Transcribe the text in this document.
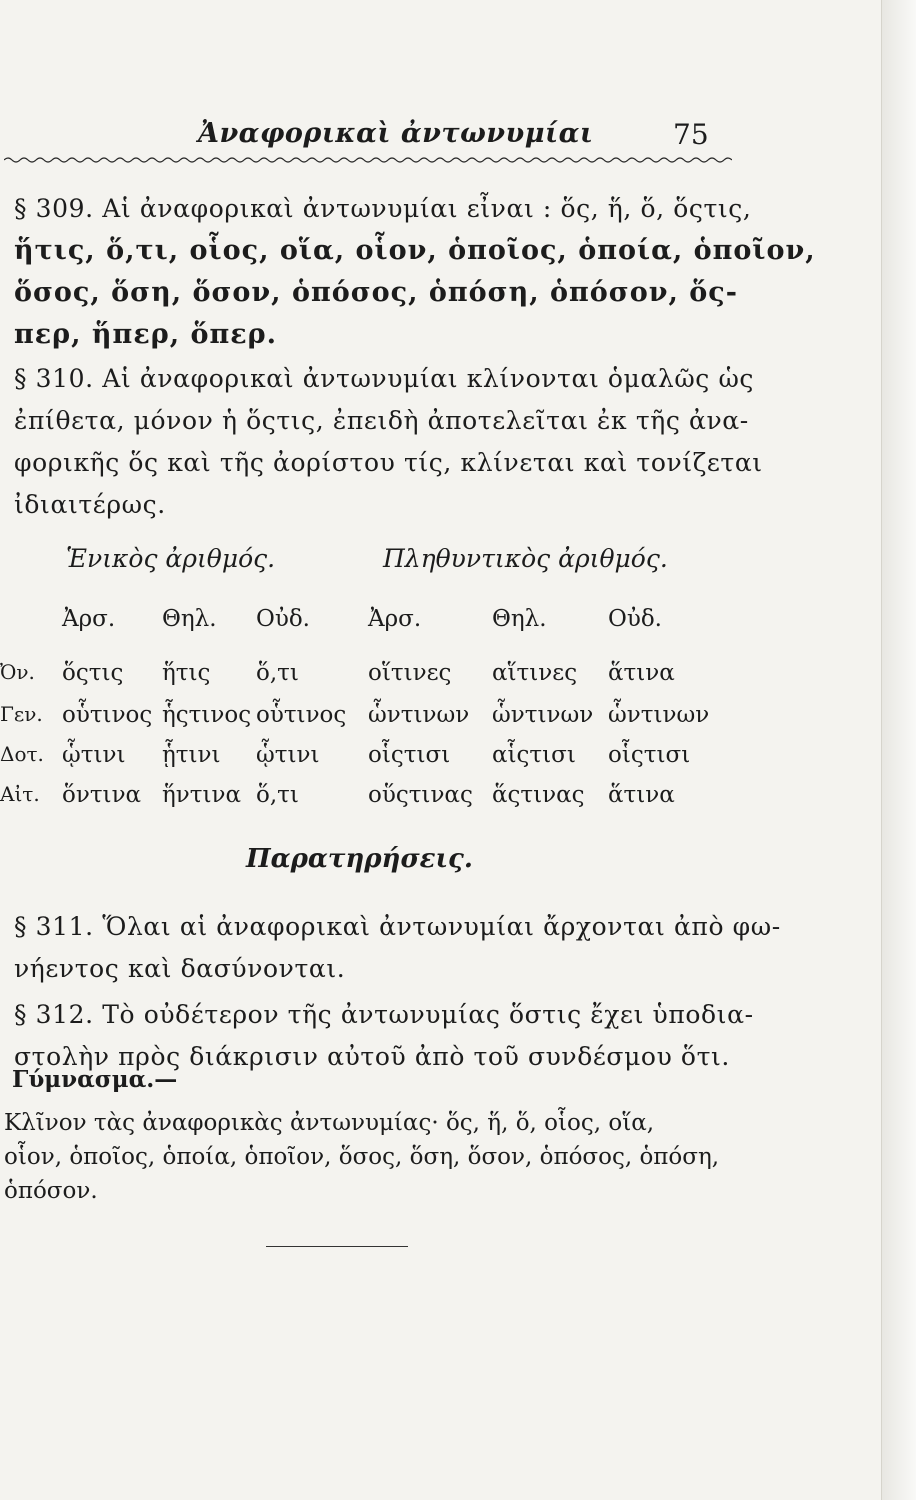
Ἀναφορικαὶ ἀντωνυμίαι	75
§ 309. Αἱ ἀναφορικαὶ ἀντωνυμίαι εἶναι : ὅς, ἥ, ὅ, ὅςτις,
ἥτις, ὅ,τι, οἷος, οἵα, οἷον, ὁποῖος, ὁποία, ὁποῖον,
ὅσος, ὅση, ὅσον, ὁπόσος, ὁπόση, ὁπόσον, ὅς-
περ, ἥπερ, ὅπερ.
§ 310. Αἱ ἀναφορικαὶ ἀντωνυμίαι κλίνονται ὁμαλῶς ὡς
ἐπίθετα, μόνον ἡ ὅςτις, ἐπειδὴ ἀποτελεῖται ἐκ τῆς ἀνα-
φορικῆς ὅς καὶ τῆς ἀορίστου τίς, κλίνεται καὶ τονίζεται
ἰδιαιτέρως.
Ἑνικὸς ἀριθμός.	Πληθυντικὸς ἀριθμός.
Ἀρσ. Θηλ. Οὐδ.	Ἀρσ.	Θηλ.	Οὐδ.
Ὀν. ὅςτις ἥτις ὅ,τι	οἵτινες αἵτινες ἅτινα
Γεν. οὗτινος ἧςτινος οὗτινος ὧντινων ὧντινων ὧντινων
Δοτ. ᾧτινι ᾗτινι ᾧτινι οἷςτισι αἷςτισι οἷςτισι
Αἰτ. ὅντινα ἥντινα ὅ,τι	οὕςτινας ἅςτινας ἅτινα
Παρατηρήσεις.
§ 311. Ὅλαι αἱ ἀναφορικαὶ ἀντωνυμίαι ἄρχονται ἀπὸ φω-
νήεντος καὶ δασύνονται.
§ 312. Τὸ οὐδέτερον τῆς ἀντωνυμίας ὅστις ἔχει ὑποδια-
στολὴν πρὸς διάκρισιν αὐτοῦ ἀπὸ τοῦ συνδέσμου ὅτι.
Γύμνασμα.—
Κλῖνον τὰς ἀναφορικὰς ἀντωνυμίας· ὅς, ἥ, ὅ, οἷος, οἵα,
οἷον, ὁποῖος, ὁποία, ὁποῖον, ὅσος, ὅση, ὅσον, ὁπόσος, ὁπόση,
ὁπόσον.
